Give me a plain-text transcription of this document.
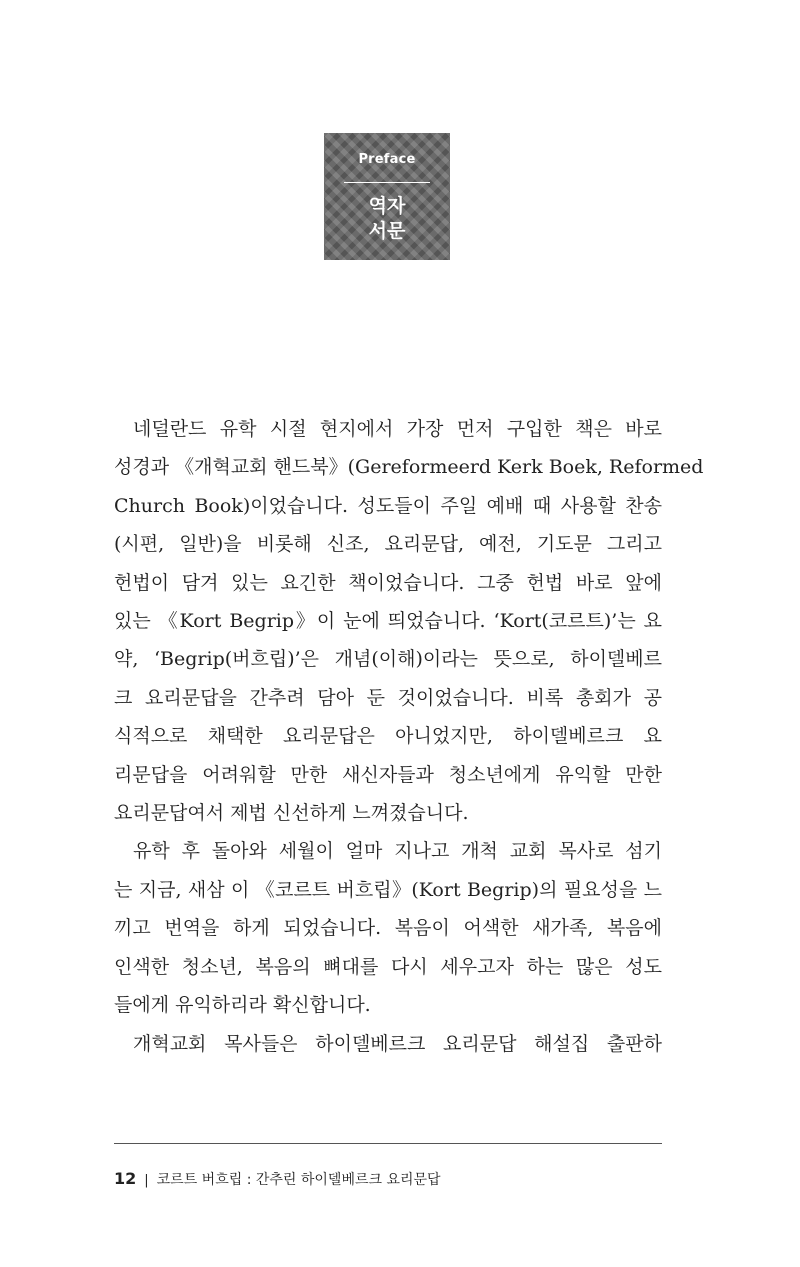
Preface
역자
서문
네덜란드 유학 시절 현지에서 가장 먼저 구입한 책은 바로
성경과 《개혁교회 핸드북》(Gereformeerd Kerk Boek, Reformed
Church Book)이었습니다. 성도들이 주일 예배 때 사용할 찬송
(시편, 일반)을 비롯해 신조, 요리문답, 예전, 기도문 그리고
헌법이 담겨 있는 요긴한 책이었습니다. 그중 헌법 바로 앞에
있는 《Kort Begrip》이 눈에 띄었습니다. ‘Kort(코르트)’는 요
약, ‘Begrip(버흐립)’은 개념(이해)이라는 뜻으로, 하이델베르
크 요리문답을 간추려 담아 둔 것이었습니다. 비록 총회가 공
식적으로 채택한 요리문답은 아니었지만, 하이델베르크 요
리문답을 어려워할 만한 새신자들과 청소년에게 유익할 만한
요리문답여서 제법 신선하게 느껴졌습니다.
유학 후 돌아와 세월이 얼마 지나고 개척 교회 목사로 섬기
는 지금, 새삼 이 《코르트 버흐립》(Kort Begrip)의 필요성을 느
끼고 번역을 하게 되었습니다. 복음이 어색한 새가족, 복음에
인색한 청소년, 복음의 뼈대를 다시 세우고자 하는 많은 성도
들에게 유익하리라 확신합니다.
개혁교회 목사들은 하이델베르크 요리문답 해설집 출판하
12 | 코르트 버흐립 : 간추린 하이델베르크 요리문답
